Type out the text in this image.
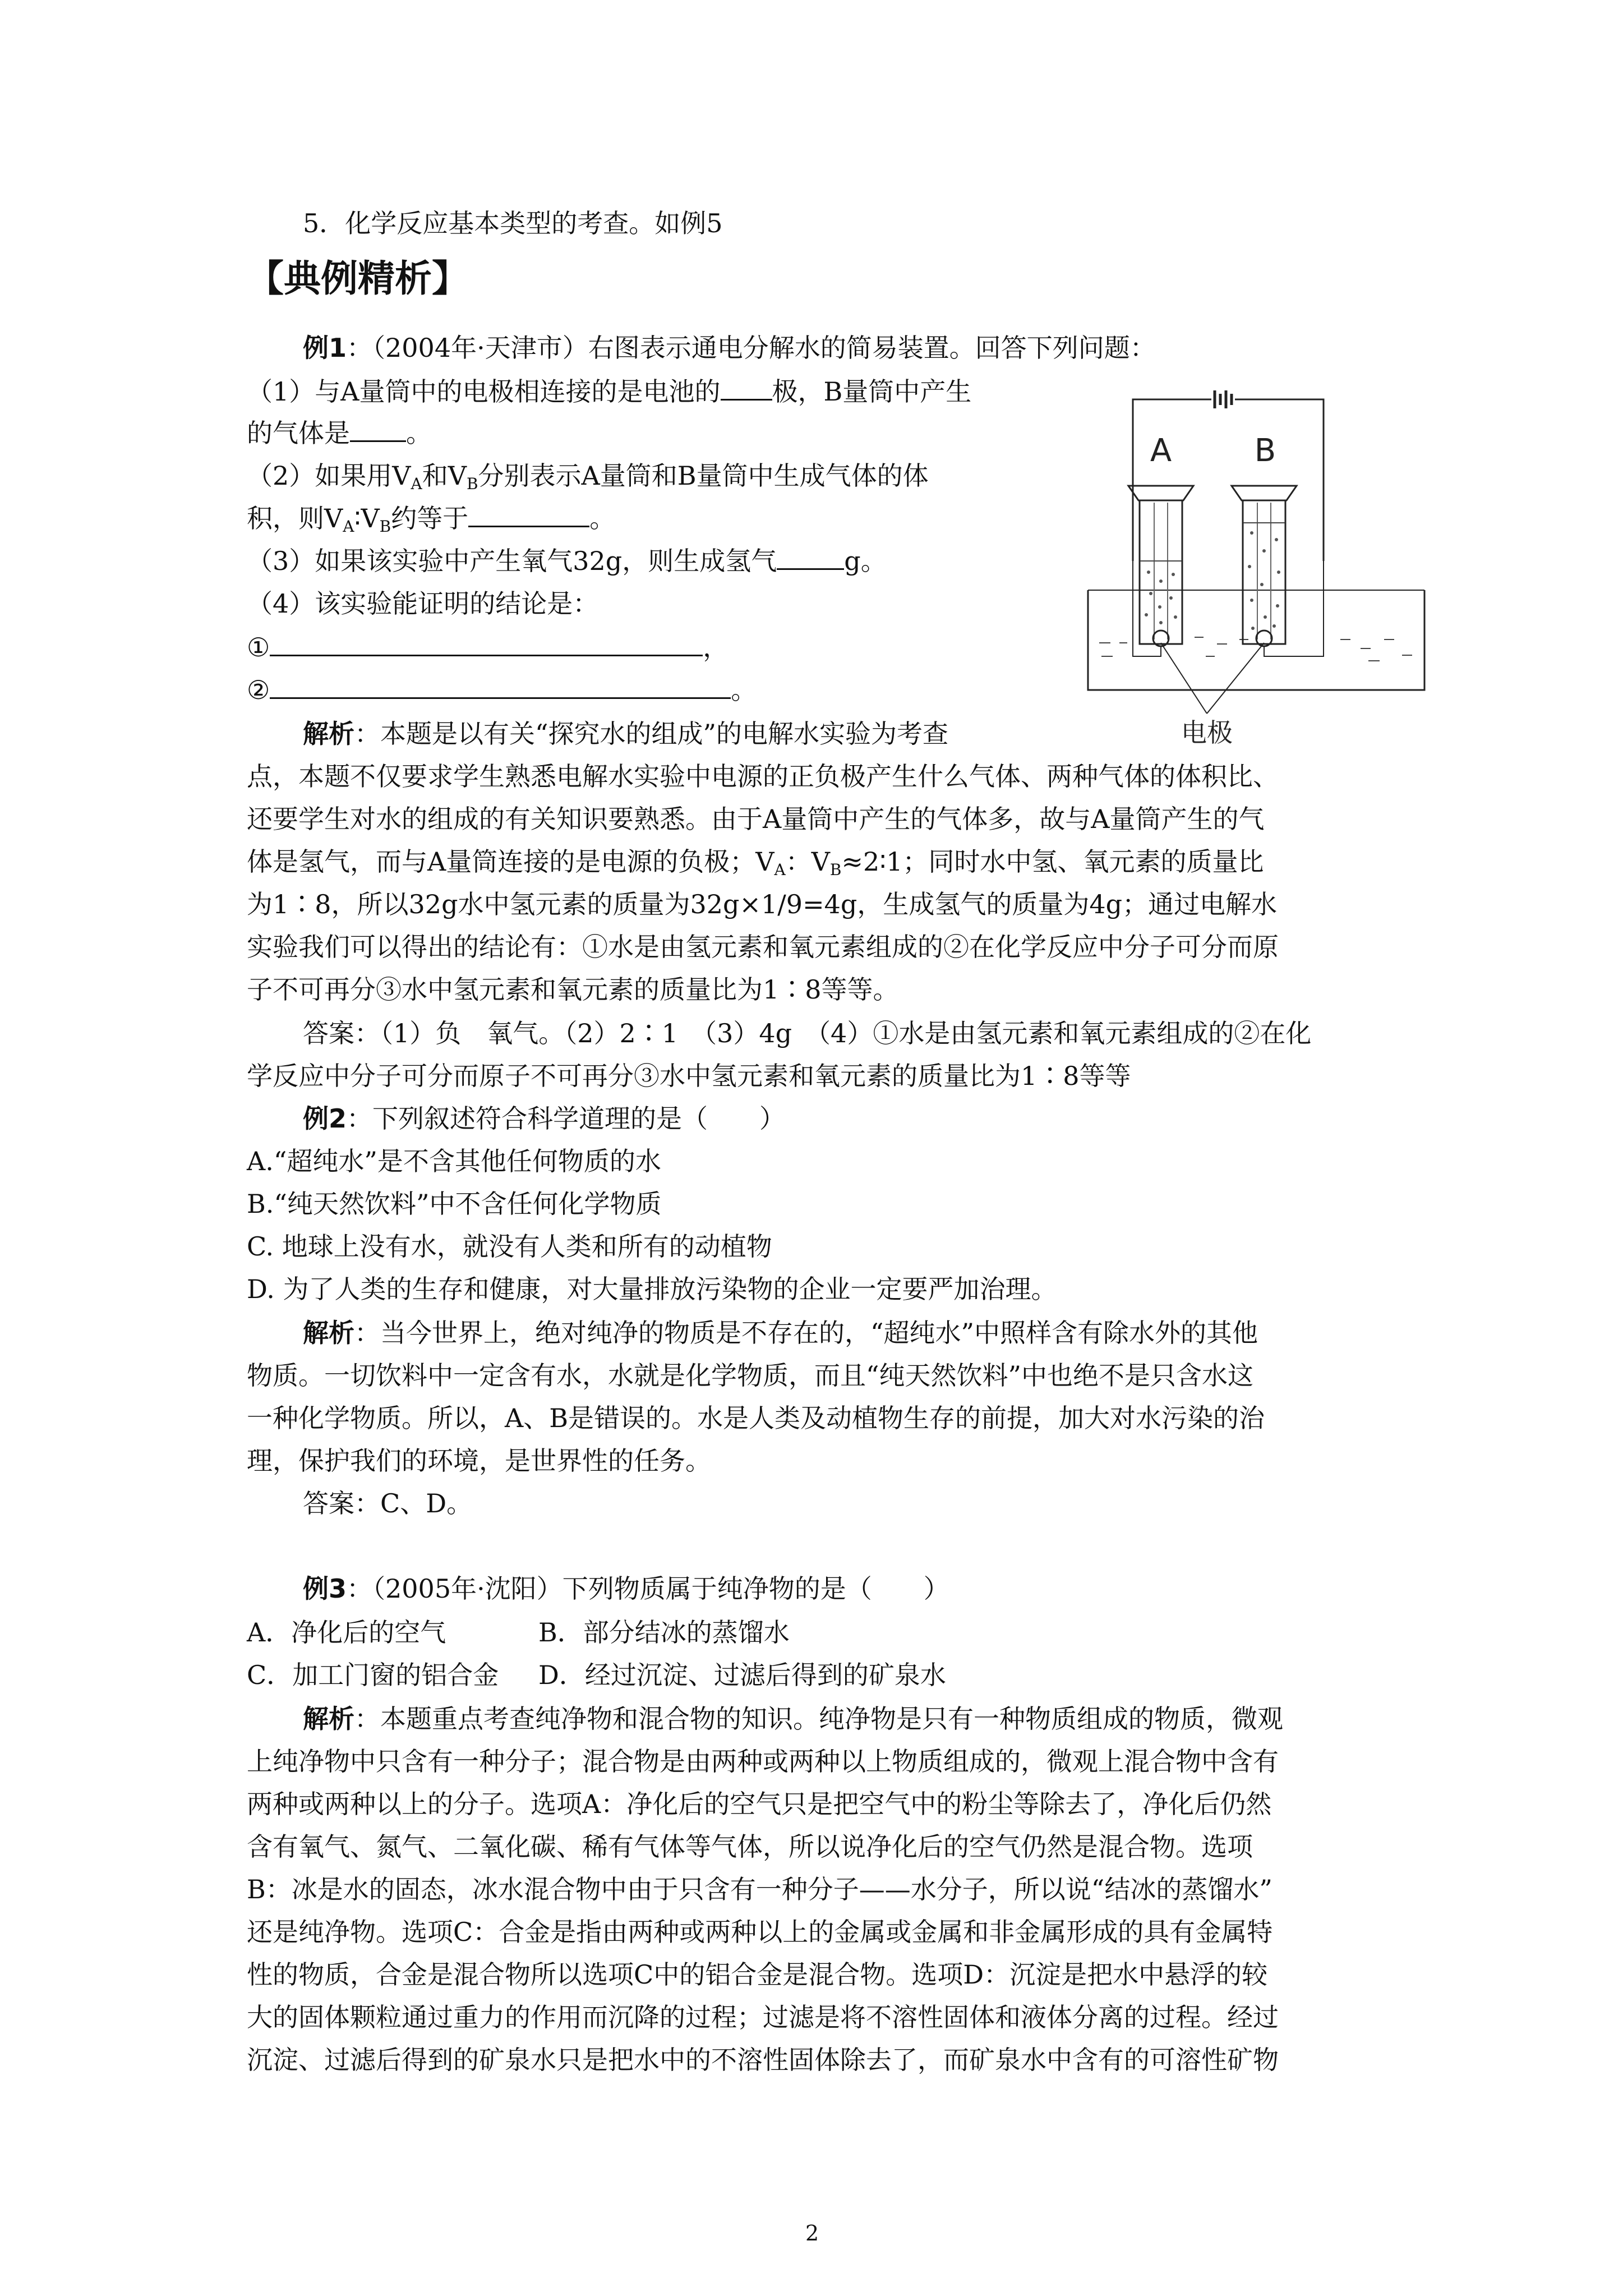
5．化学反应基本类型的考查。如例5
【典例精析】
例1：（2004年·天津市）右图表示通电分解水的简易装置。回答下列问题：
（1）与A量筒中的电极相连接的是电池的 极，B量筒中产生
的气体是 。
（2）如果用$V_A$和$V_B$分别表示A量筒和B量筒中生成气体的体
积，则$V_A∶V_B$约等于	。
（3）如果该实验中产生氧气32g，则生成氢气	g。
（4）该实验能证明的结论是：
①	，
②	。
A	B
电极
解析：本题是以有关“探究水的组成”的电解水实验为考查
点，本题不仅要求学生熟悉电解水实验中电源的正负极产生什么气体、两种气体的体积比、
还要学生对水的组成的有关知识要熟悉。由于A量筒中产生的气体多，故与A量筒产生的气
体是氢气，而与A量筒连接的是电源的负极；$V_A$：$V_B\approx 2∶1$；同时水中氢、氧元素的质量比
为1∶8，所以32g水中氢元素的质量为32g×1/9=4g，生成氢气的质量为4g；通过电解水
实验我们可以得出的结论有：①水是由氢元素和氧元素组成的②在化学反应中分子可分而原
子不可再分③水中氢元素和氧元素的质量比为1∶8等等。
答案：（1）负　氧气。（2）2∶1　（3）4g　（4）①水是由氢元素和氧元素组成的②在化
学反应中分子可分而原子不可再分③水中氢元素和氧元素的质量比为1∶8等等
例2：下列叙述符合科学道理的是（　　）
A.“超纯水”是不含其他任何物质的水
B.“纯天然饮料”中不含任何化学物质
C. 地球上没有水，就没有人类和所有的动植物
D. 为了人类的生存和健康，对大量排放污染物的企业一定要严加治理。
解析：当今世界上，绝对纯净的物质是不存在的，“超纯水”中照样含有除水外的其他
物质。一切饮料中一定含有水，水就是化学物质，而且“纯天然饮料”中也绝不是只含水这
一种化学物质。所以，A、B是错误的。水是人类及动植物生存的前提，加大对水污染的治
理，保护我们的环境，是世界性的任务。
答案：C、D。
例3：（2005年·沈阳）下列物质属于纯净物的是（　　）
A．净化后的空气	B．部分结冰的蒸馏水
C．加工门窗的铝合金 D．经过沉淀、过滤后得到的矿泉水
解析：本题重点考查纯净物和混合物的知识。纯净物是只有一种物质组成的物质，微观
上纯净物中只含有一种分子；混合物是由两种或两种以上物质组成的，微观上混合物中含有
两种或两种以上的分子。选项A：净化后的空气只是把空气中的粉尘等除去了，净化后仍然
含有氧气、氮气、二氧化碳、稀有气体等气体，所以说净化后的空气仍然是混合物。选项
B：冰是水的固态，冰水混合物中由于只含有一种分子——水分子，所以说“结冰的蒸馏水”
还是纯净物。选项C：合金是指由两种或两种以上的金属或金属和非金属形成的具有金属特
性的物质，合金是混合物所以选项C中的铝合金是混合物。选项D：沉淀是把水中悬浮的较
大的固体颗粒通过重力的作用而沉降的过程；过滤是将不溶性固体和液体分离的过程。经过
沉淀、过滤后得到的矿泉水只是把水中的不溶性固体除去了，而矿泉水中含有的可溶性矿物
2
